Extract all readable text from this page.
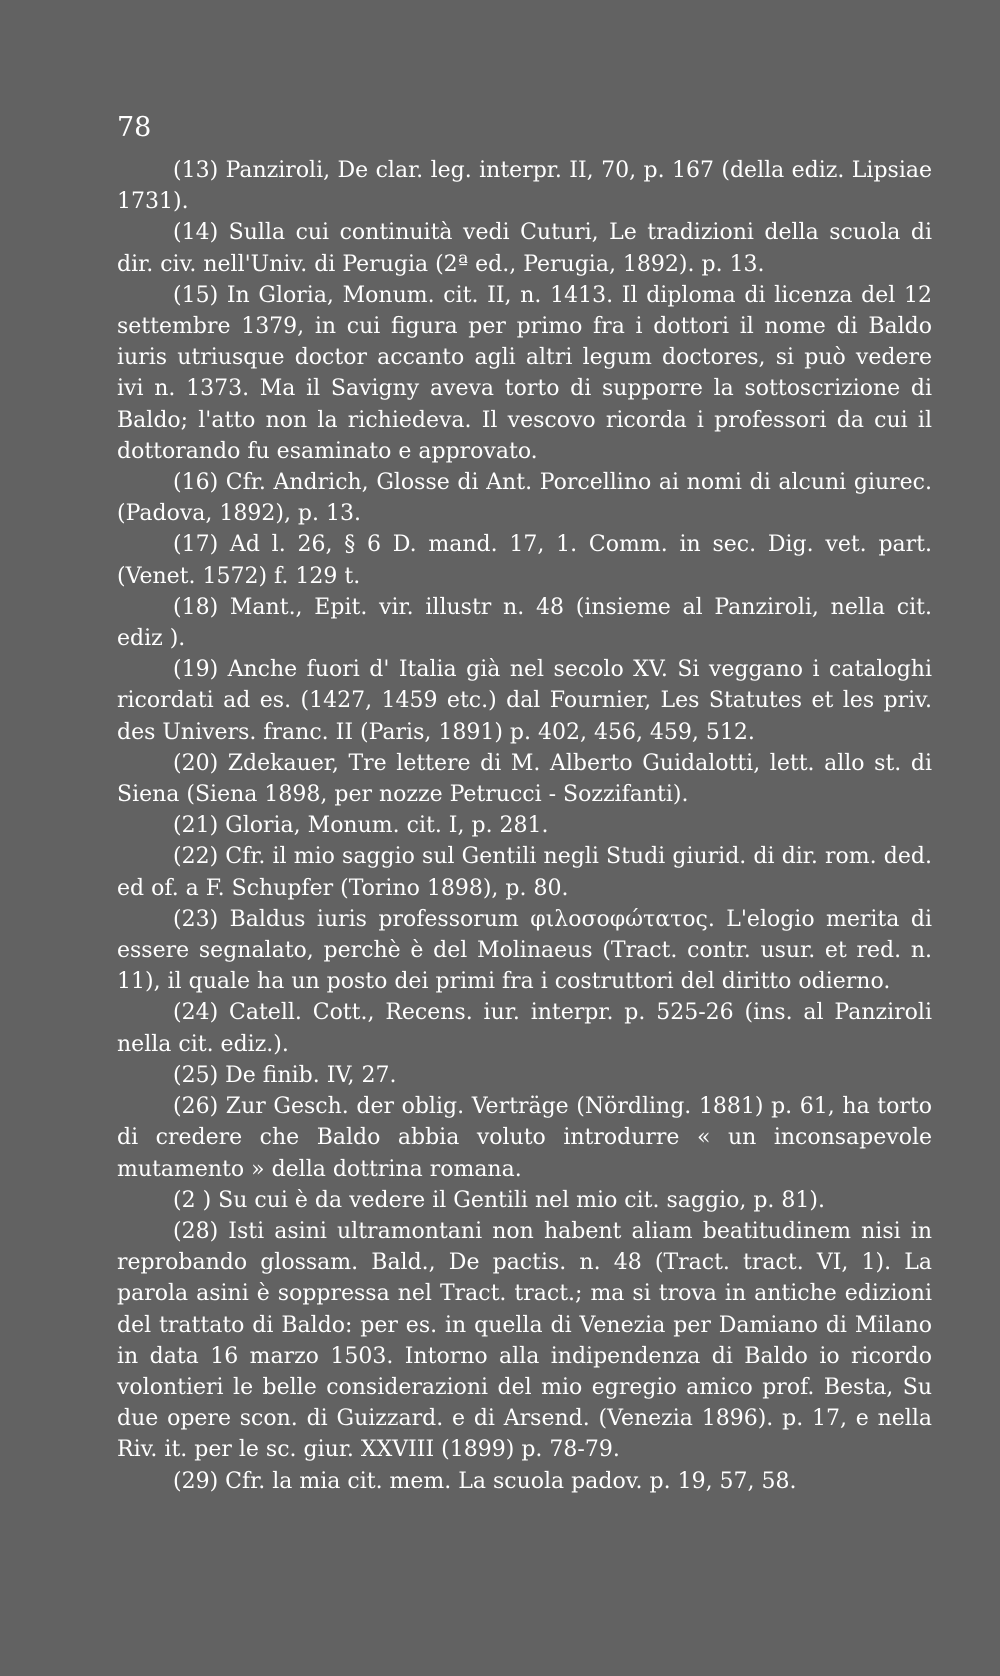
78

(13) Panziroli, De clar. leg. interpr. II, 70, p. 167 (della ediz. Lipsiae 1731).

(14) Sulla cui continuità vedi Cuturi, Le tradizioni della scuola di dir. civ. nell'Univ. di Perugia (2ª ed., Perugia, 1892). p. 13.

(15) In Gloria, Monum. cit. II, n. 1413. Il diploma di licenza del 12 settembre 1379, in cui figura per primo fra i dottori il nome di Baldo iuris utriusque doctor accanto agli altri legum doctores, si può vedere ivi n. 1373. Ma il Savigny aveva torto di supporre la sottoscrizione di Baldo; l'atto non la richiedeva. Il vescovo ricorda i professori da cui il dottorando fu esaminato e approvato.

(16) Cfr. Andrich, Glosse di Ant. Porcellino ai nomi di alcuni giurec. (Padova, 1892), p. 13.

(17) Ad l. 26, § 6 D. mand. 17, 1. Comm. in sec. Dig. vet. part. (Venet. 1572) f. 129 t.

(18) Mant., Epit. vir. illustr n. 48 (insieme al Panziroli, nella cit. ediz ).

(19) Anche fuori d' Italia già nel secolo XV. Si veggano i cataloghi ricordati ad es. (1427, 1459 etc.) dal Fournier, Les Statutes et les priv. des Univers. franc. II (Paris, 1891) p. 402, 456, 459, 512.

(20) Zdekauer, Tre lettere di M. Alberto Guidalotti, lett. allo st. di Siena (Siena 1898, per nozze Petrucci - Sozzifanti).

(21) Gloria, Monum. cit. I, p. 281.

(22) Cfr. il mio saggio sul Gentili negli Studi giurid. di dir. rom. ded. ed of. a F. Schupfer (Torino 1898), p. 80.

(23) Baldus iuris professorum φιλοσοφώτατος. L'elogio merita di essere segnalato, perchè è del Molinaeus (Tract. contr. usur. et red. n. 11), il quale ha un posto dei primi fra i costruttori del diritto odierno.

(24) Catell. Cott., Recens. iur. interpr. p. 525-26 (ins. al Panziroli nella cit. ediz.).

(25) De finib. IV, 27.

(26) Zur Gesch. der oblig. Verträge (Nördling. 1881) p. 61, ha torto di credere che Baldo abbia voluto introdurre « un inconsapevole mutamento » della dottrina romana.

(2 ) Su cui è da vedere il Gentili nel mio cit. saggio, p. 81).

(28) Isti asini ultramontani non habent aliam beatitudinem nisi in reprobando glossam. Bald., De pactis. n. 48 (Tract. tract. VI, 1). La parola asini è soppressa nel Tract. tract.; ma si trova in antiche edizioni del trattato di Baldo: per es. in quella di Venezia per Damiano di Milano in data 16 marzo 1503. Intorno alla indipendenza di Baldo io ricordo volontieri le belle considerazioni del mio egregio amico prof. Besta, Su due opere scon. di Guizzard. e di Arsend. (Venezia 1896). p. 17, e nella Riv. it. per le sc. giur. XXVIII (1899) p. 78-79.

(29) Cfr. la mia cit. mem. La scuola padov. p. 19, 57, 58.
